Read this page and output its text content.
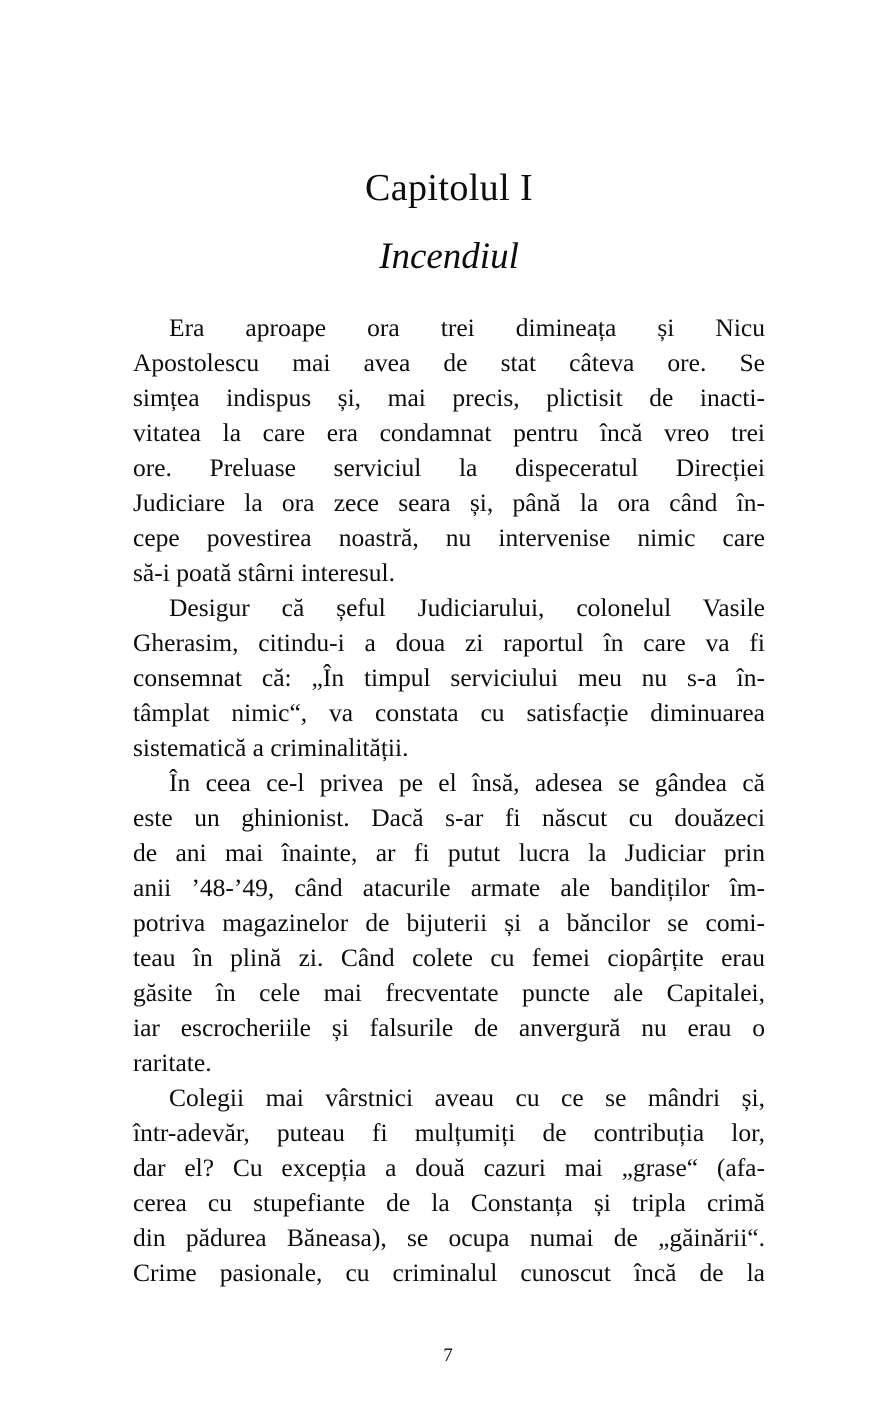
Capitolul I
Incendiul

Era    aproape    ora    trei    dimineața    și    Nicu
Apostolescu   mai   avea   de   stat   câteva   ore.   Se
simțea indispus și, mai precis, plictisit de inacti-
vitatea la care era condamnat pentru încă vreo trei
ore.  Preluase  serviciul  la  dispeceratul  Direcției
Judiciare la ora zece seara și, până la ora când în-
cepe povestirea noastră, nu intervenise nimic care
să-i poată stârni interesul.

Desigur  că  șeful  Judiciarului,  colonelul  Vasile
Gherasim,  citindu-i  a  doua  zi  raportul  în  care  va  fi
consemnat că: „În timpul serviciului meu nu s-a în-
tâmplat nimic“, va constata cu satisfacție diminuarea
sistematică a criminalității.

În ceea ce-l privea pe el însă, adesea se gândea că
este un ghinionist. Dacă s-ar fi născut cu douăzeci
de ani mai înainte, ar fi putut lucra la Judiciar prin
anii ’48-’49, când atacurile armate ale bandiților îm-
potriva magazinelor de bijuterii și a băncilor se comi-
teau în plină zi. Când colete cu femei ciopârțite erau
găsite  în  cele  mai  frecventate  puncte  ale  Capitalei,
iar  escrocheriile  și  falsurile  de  anvergură  nu  erau  o
raritate.

Colegii  mai  vârstnici  aveau  cu  ce  se  mândri  și,
într-adevăr,  puteau  fi  mulțumiți  de  contribuția  lor,
dar el? Cu excepția a două cazuri mai „grase“ (afa-
cerea cu stupefiante de la Constanța și tripla crimă
din pădurea Băneasa), se ocupa numai de „găinării“.
Crime  pasionale,  cu  criminalul  cunoscut  încă  de  la

7
